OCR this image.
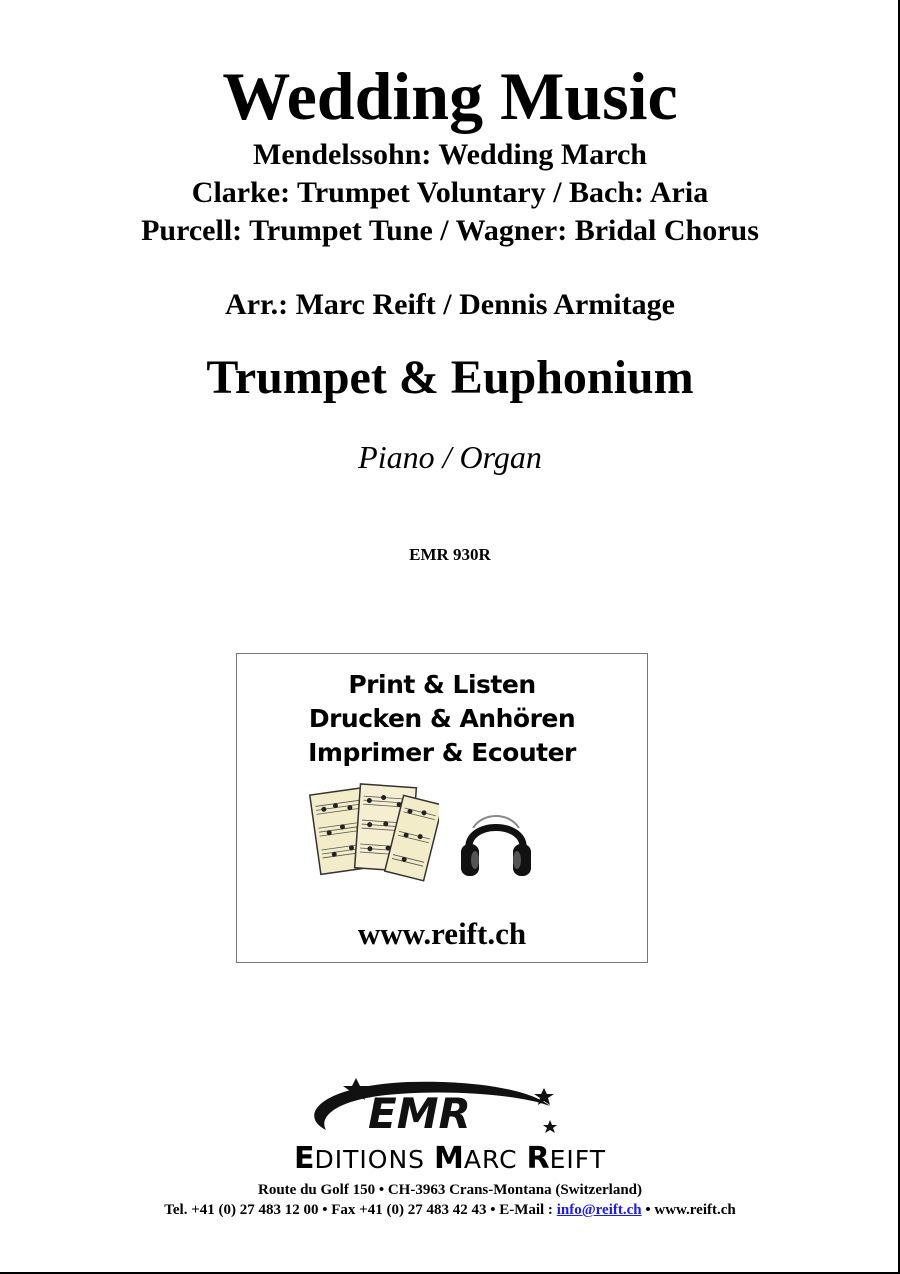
Wedding Music
Mendelssohn: Wedding March
Clarke: Trumpet Voluntary / Bach: Aria
Purcell: Trumpet Tune / Wagner: Bridal Chorus
Arr.: Marc Reift / Dennis Armitage
Trumpet & Euphonium
Piano / Organ
EMR 930R
Print & Listen
Drucken & Anhören
Imprimer & Ecouter
www.reift.ch
EMR
EDITIONS MARC REIFT
Route du Golf 150 • CH-3963 Crans-Montana (Switzerland)
Tel. +41 (0) 27 483 12 00 • Fax +41 (0) 27 483 42 43 • E-Mail : info@reift.ch • www.reift.ch
